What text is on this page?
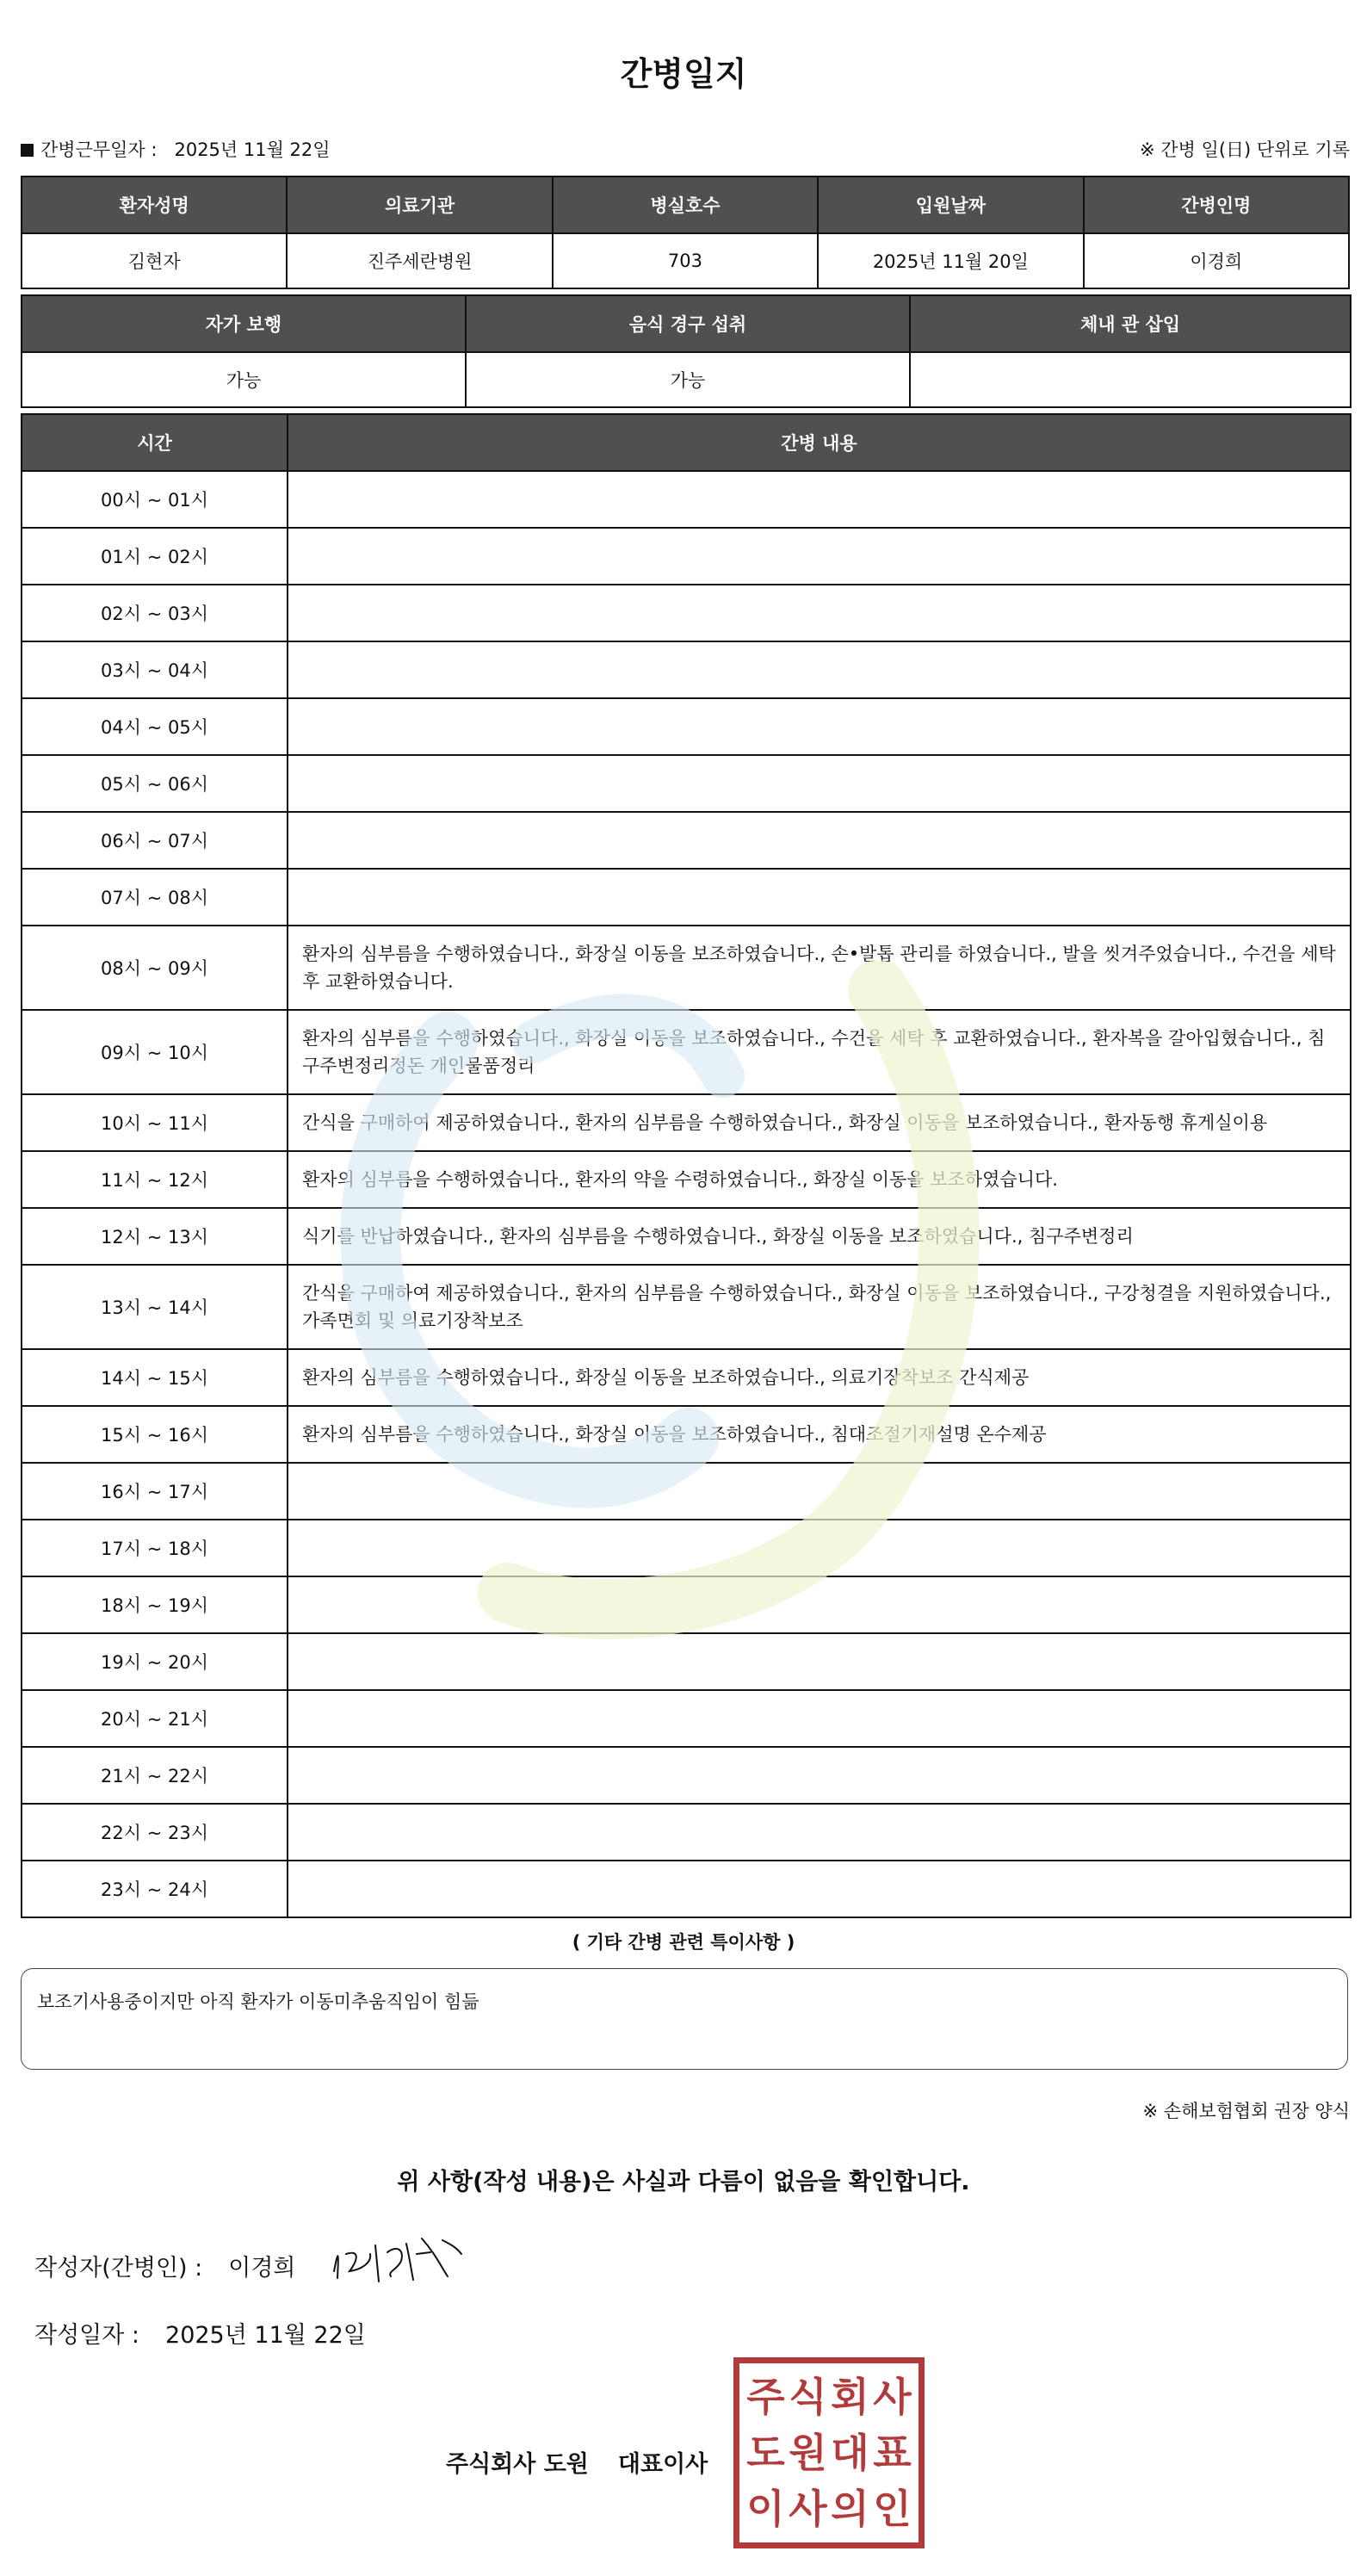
간병일지
간병근무일자 : 2025년 11월 22일	※ 간병 일(日) 단위로 기록
환자성명	의료기관	병실호수	입원날짜	간병인명
김현자	진주세란병원	703	2025년 11월 20일	이경희
자가 보행	음식 경구 섭취	체내 관 삽입
가능	가능	
시간	간병 내용
00시 ~ 01시	
01시 ~ 02시	
02시 ~ 03시	
03시 ~ 04시	
04시 ~ 05시	
05시 ~ 06시	
06시 ~ 07시	
07시 ~ 08시	
08시 ~ 09시	환자의 심부름을 수행하였습니다., 화장실 이동을 보조하였습니다., 손•발톱 관리를 하였습니다., 발을 씻겨주었습니다., 수건을 세탁 후 교환하였습니다.
09시 ~ 10시	환자의 심부름을 수행하였습니다., 화장실 이동을 보조하였습니다., 수건을 세탁 후 교환하였습니다., 환자복을 갈아입혔습니다., 침구주변정리정돈 개인물품정리
10시 ~ 11시	간식을 구매하여 제공하였습니다., 환자의 심부름을 수행하였습니다., 화장실 이동을 보조하였습니다., 환자동행 휴게실이용
11시 ~ 12시	환자의 심부름을 수행하였습니다., 환자의 약을 수령하였습니다., 화장실 이동을 보조하였습니다.
12시 ~ 13시	식기를 반납하였습니다., 환자의 심부름을 수행하였습니다., 화장실 이동을 보조하였습니다., 침구주변정리
13시 ~ 14시	간식을 구매하여 제공하였습니다., 환자의 심부름을 수행하였습니다., 화장실 이동을 보조하였습니다., 구강청결을 지원하였습니다., 가족면회 및 의료기장착보조
14시 ~ 15시	환자의 심부름을 수행하였습니다., 화장실 이동을 보조하였습니다., 의료기장착보조 간식제공
15시 ~ 16시	환자의 심부름을 수행하였습니다., 화장실 이동을 보조하였습니다., 침대조절기재설명 온수제공
16시 ~ 17시	
17시 ~ 18시	
18시 ~ 19시	
19시 ~ 20시	
20시 ~ 21시	
21시 ~ 22시	
22시 ~ 23시	
23시 ~ 24시	
( 기타 간병 관련 특이사항 )
보조기사용중이지만 아직 환자가 이동미추움직임이 힘듦
※ 손해보험협회 권장 양식
위 사항(작성 내용)은 사실과 다름이 없음을 확인합니다.
작성자(간병인) : 이경희
작성일자 : 2025년 11월 22일
주식회사 도원 대표이사
주 식 회 사
도 원 대 표
이 사 의 인
